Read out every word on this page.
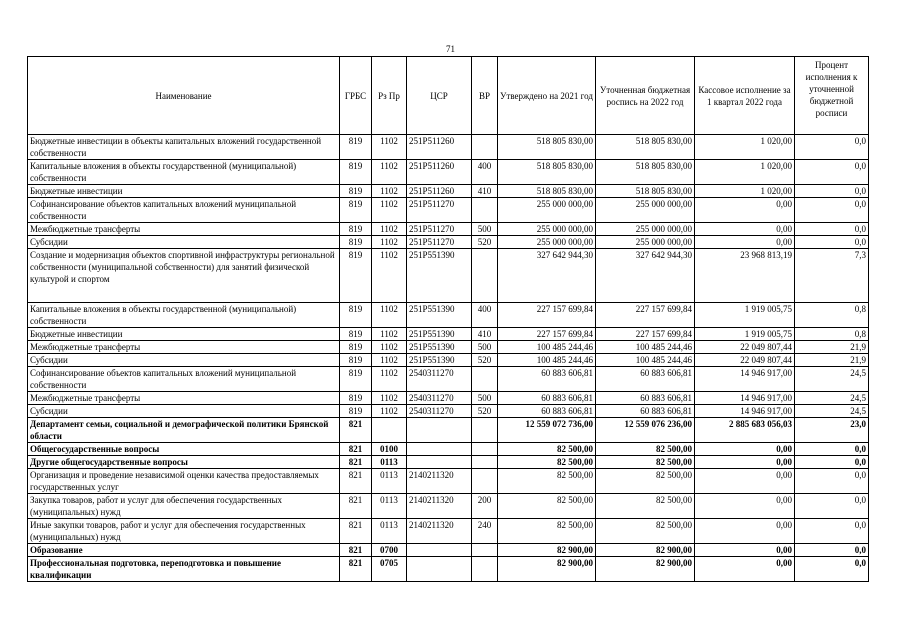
71
Наименование	ГРБС	Рз Пр	ЦСР	ВР	Утверждено на 2021 год	Уточненная бюджетная роспись на 2022 год	Кассовое исполнение за 1 квартал 2022 года	Процент исполнения к уточненной бюджетной росписи
Бюджетные инвестиции в объекты капитальных вложений государственной собственности	819	1102	251P511260		518 805 830,00	518 805 830,00	1 020,00	0,0
Капитальные вложения в объекты государственной (муниципальной) собственности	819	1102	251P511260	400	518 805 830,00	518 805 830,00	1 020,00	0,0
Бюджетные инвестиции	819	1102	251P511260	410	518 805 830,00	518 805 830,00	1 020,00	0,0
Софинансирование объектов капитальных вложений муниципальной собственности	819	1102	251P511270		255 000 000,00	255 000 000,00	0,00	0,0
Межбюджетные трансферты	819	1102	251P511270	500	255 000 000,00	255 000 000,00	0,00	0,0
Субсидии	819	1102	251P511270	520	255 000 000,00	255 000 000,00	0,00	0,0
Создание и модернизация объектов спортивной инфраструктуры региональной собственности (муниципальной собственности) для занятий физической культурой и спортом	819	1102	251P551390		327 642 944,30	327 642 944,30	23 968 813,19	7,3
Капитальные вложения в объекты государственной (муниципальной) собственности	819	1102	251P551390	400	227 157 699,84	227 157 699,84	1 919 005,75	0,8
Бюджетные инвестиции	819	1102	251P551390	410	227 157 699,84	227 157 699,84	1 919 005,75	0,8
Межбюджетные трансферты	819	1102	251P551390	500	100 485 244,46	100 485 244,46	22 049 807,44	21,9
Субсидии	819	1102	251P551390	520	100 485 244,46	100 485 244,46	22 049 807,44	21,9
Софинансирование объектов капитальных вложений муниципальной собственности	819	1102	2540311270		60 883 606,81	60 883 606,81	14 946 917,00	24,5
Межбюджетные трансферты	819	1102	2540311270	500	60 883 606,81	60 883 606,81	14 946 917,00	24,5
Субсидии	819	1102	2540311270	520	60 883 606,81	60 883 606,81	14 946 917,00	24,5
Департамент семьи, социальной и демографической политики Брянской области	821				12 559 072 736,00	12 559 076 236,00	2 885 683 056,03	23,0
Общегосударственные вопросы	821	0100			82 500,00	82 500,00	0,00	0,0
Другие общегосударственные вопросы	821	0113			82 500,00	82 500,00	0,00	0,0
Организация и проведение независимой оценки качества предоставляемых государственных услуг	821	0113	2140211320		82 500,00	82 500,00	0,00	0,0
Закупка товаров, работ и услуг для обеспечения государственных (муниципальных) нужд	821	0113	2140211320	200	82 500,00	82 500,00	0,00	0,0
Иные закупки товаров, работ и услуг для обеспечения государственных (муниципальных) нужд	821	0113	2140211320	240	82 500,00	82 500,00	0,00	0,0
Образование	821	0700			82 900,00	82 900,00	0,00	0,0
Профессиональная подготовка, переподготовка и повышение квалификации	821	0705			82 900,00	82 900,00	0,00	0,0
